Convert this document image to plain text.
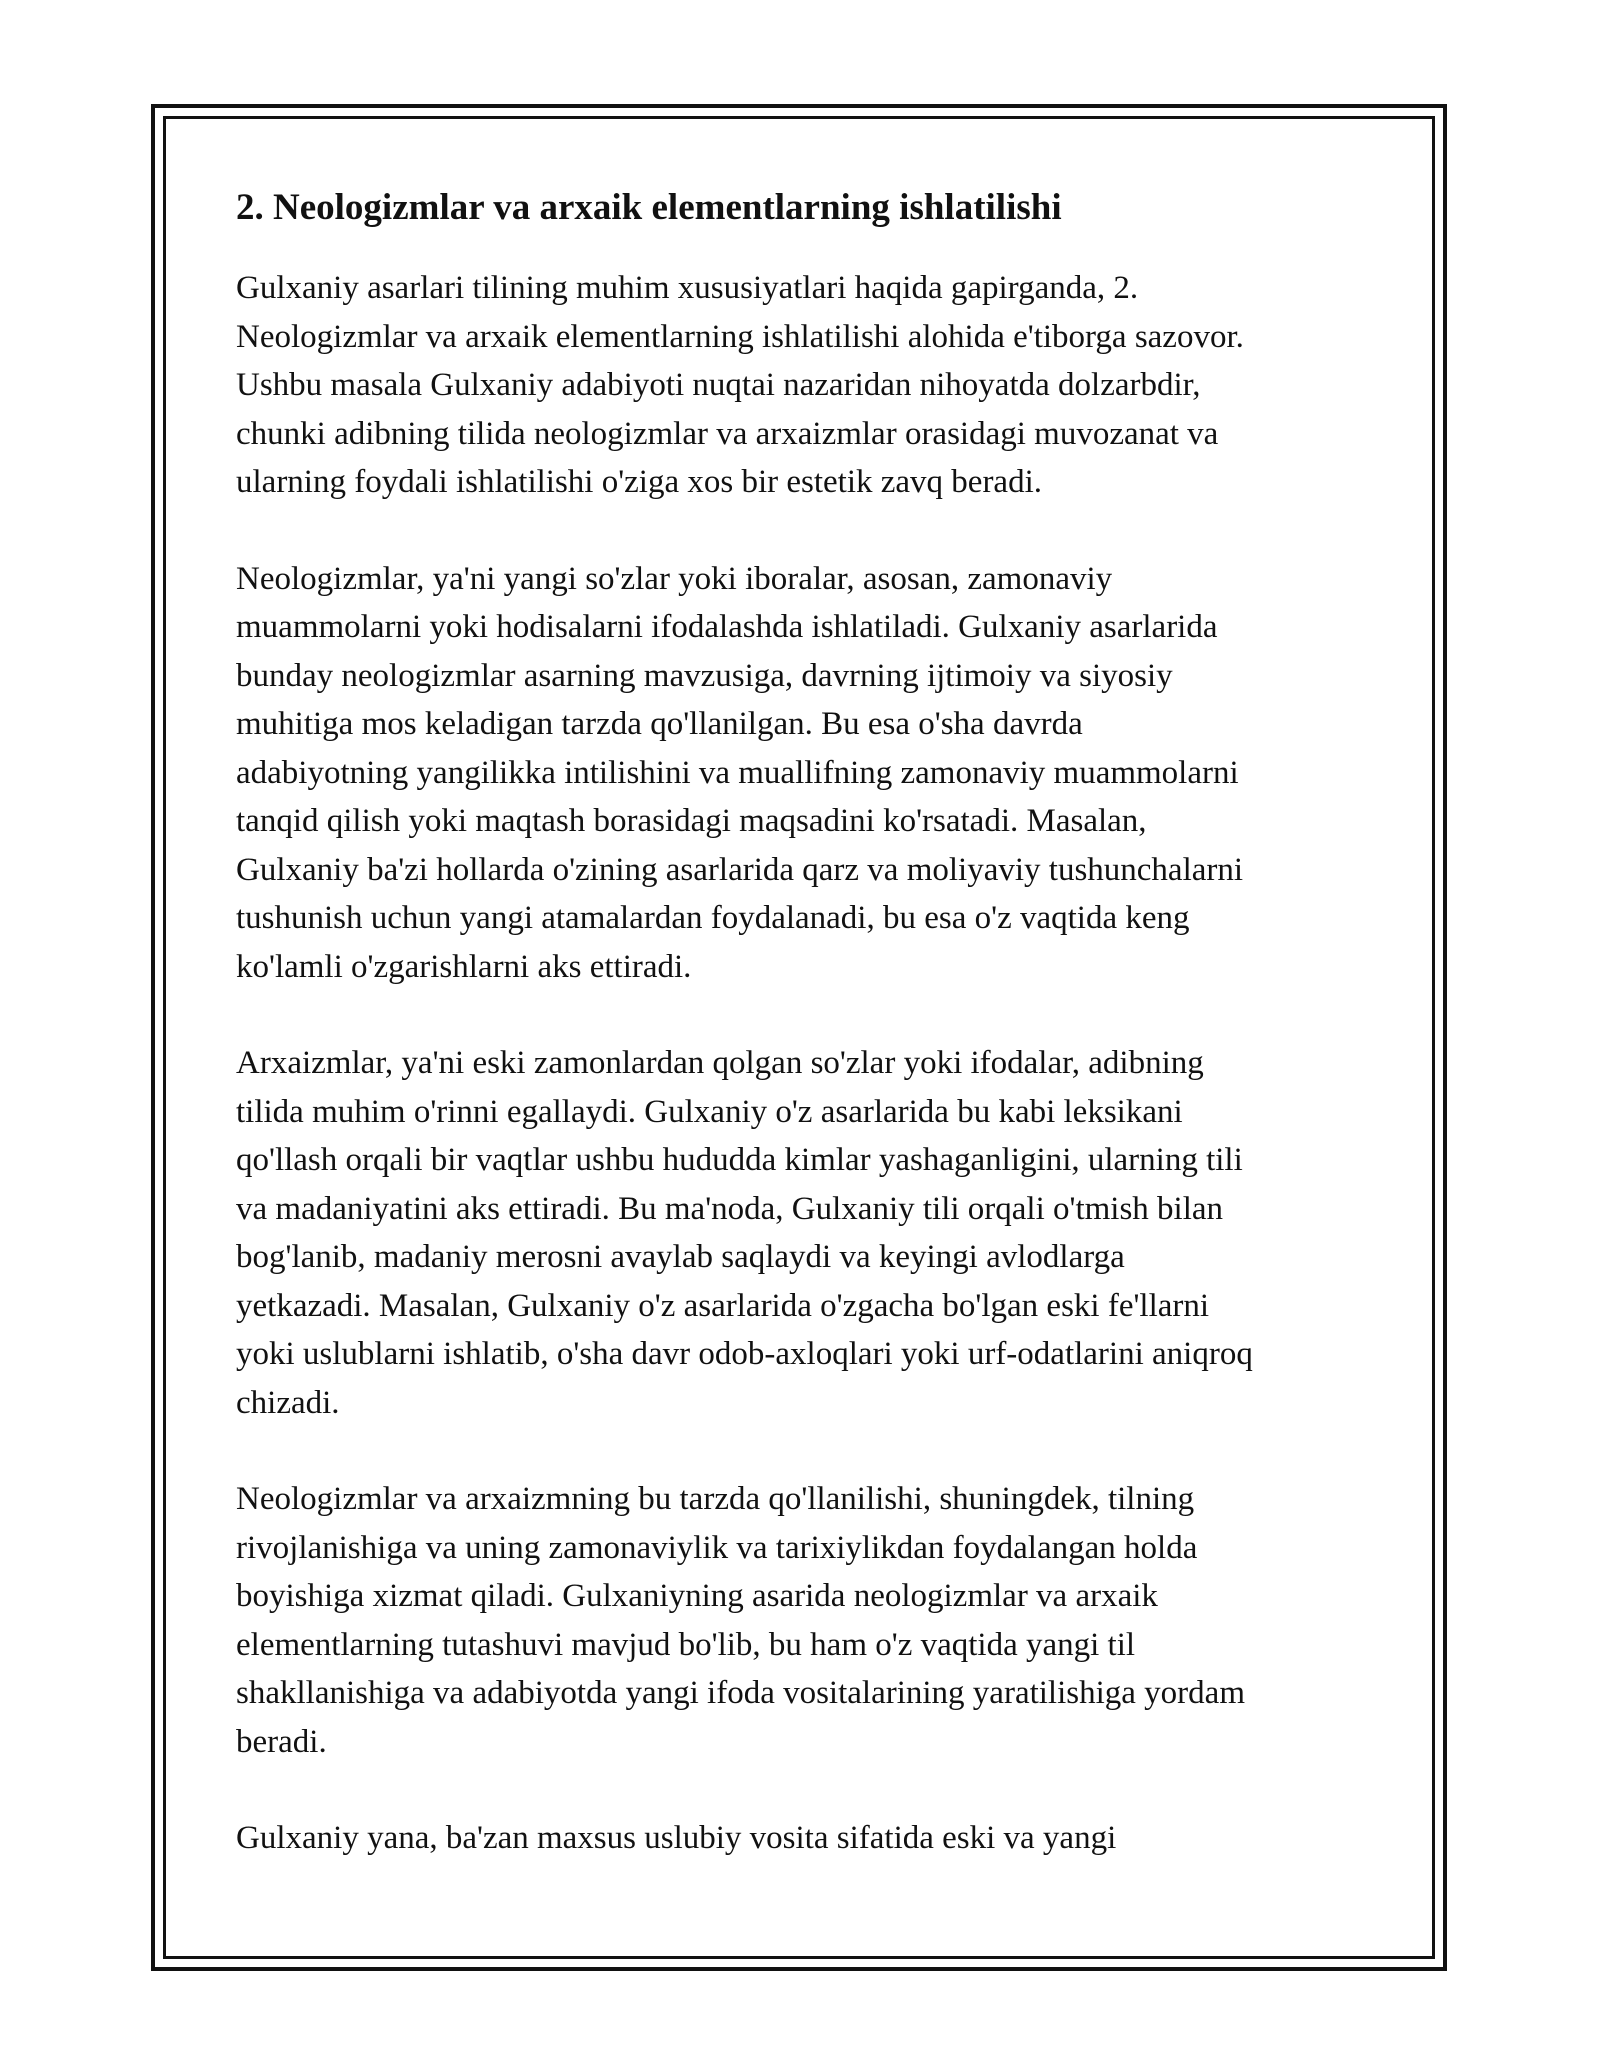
2. Neologizmlar va arxaik elementlarning ishlatilishi

Gulxaniy asarlari tilining muhim xususiyatlari haqida gapirganda, 2.
Neologizmlar va arxaik elementlarning ishlatilishi alohida e'tiborga sazovor.
Ushbu masala Gulxaniy adabiyoti nuqtai nazaridan nihoyatda dolzarbdir,
chunki adibning tilida neologizmlar va arxaizmlar orasidagi muvozanat va
ularning foydali ishlatilishi o'ziga xos bir estetik zavq beradi.

Neologizmlar, ya'ni yangi so'zlar yoki iboralar, asosan, zamonaviy
muammolarni yoki hodisalarni ifodalashda ishlatiladi. Gulxaniy asarlarida
bunday neologizmlar asarning mavzusiga, davrning ijtimoiy va siyosiy
muhitiga mos keladigan tarzda qo'llanilgan. Bu esa o'sha davrda
adabiyotning yangilikka intilishini va muallifning zamonaviy muammolarni
tanqid qilish yoki maqtash borasidagi maqsadini ko'rsatadi. Masalan,
Gulxaniy ba'zi hollarda o'zining asarlarida qarz va moliyaviy tushunchalarni
tushunish uchun yangi atamalardan foydalanadi, bu esa o'z vaqtida keng
ko'lamli o'zgarishlarni aks ettiradi.

Arxaizmlar, ya'ni eski zamonlardan qolgan so'zlar yoki ifodalar, adibning
tilida muhim o'rinni egallaydi. Gulxaniy o'z asarlarida bu kabi leksikani
qo'llash orqali bir vaqtlar ushbu hududda kimlar yashaganligini, ularning tili
va madaniyatini aks ettiradi. Bu ma'noda, Gulxaniy tili orqali o'tmish bilan
bog'lanib, madaniy merosni avaylab saqlaydi va keyingi avlodlarga
yetkazadi. Masalan, Gulxaniy o'z asarlarida o'zgacha bo'lgan eski fe'llarni
yoki uslublarni ishlatib, o'sha davr odob-axloqlari yoki urf-odatlarini aniqroq
chizadi.

Neologizmlar va arxaizmning bu tarzda qo'llanilishi, shuningdek, tilning
rivojlanishiga va uning zamonaviylik va tarixiylikdan foydalangan holda
boyishiga xizmat qiladi. Gulxaniyning asarida neologizmlar va arxaik
elementlarning tutashuvi mavjud bo'lib, bu ham o'z vaqtida yangi til
shakllanishiga va adabiyotda yangi ifoda vositalarining yaratilishiga yordam
beradi.

Gulxaniy yana, ba'zan maxsus uslubiy vosita sifatida eski va yangi
